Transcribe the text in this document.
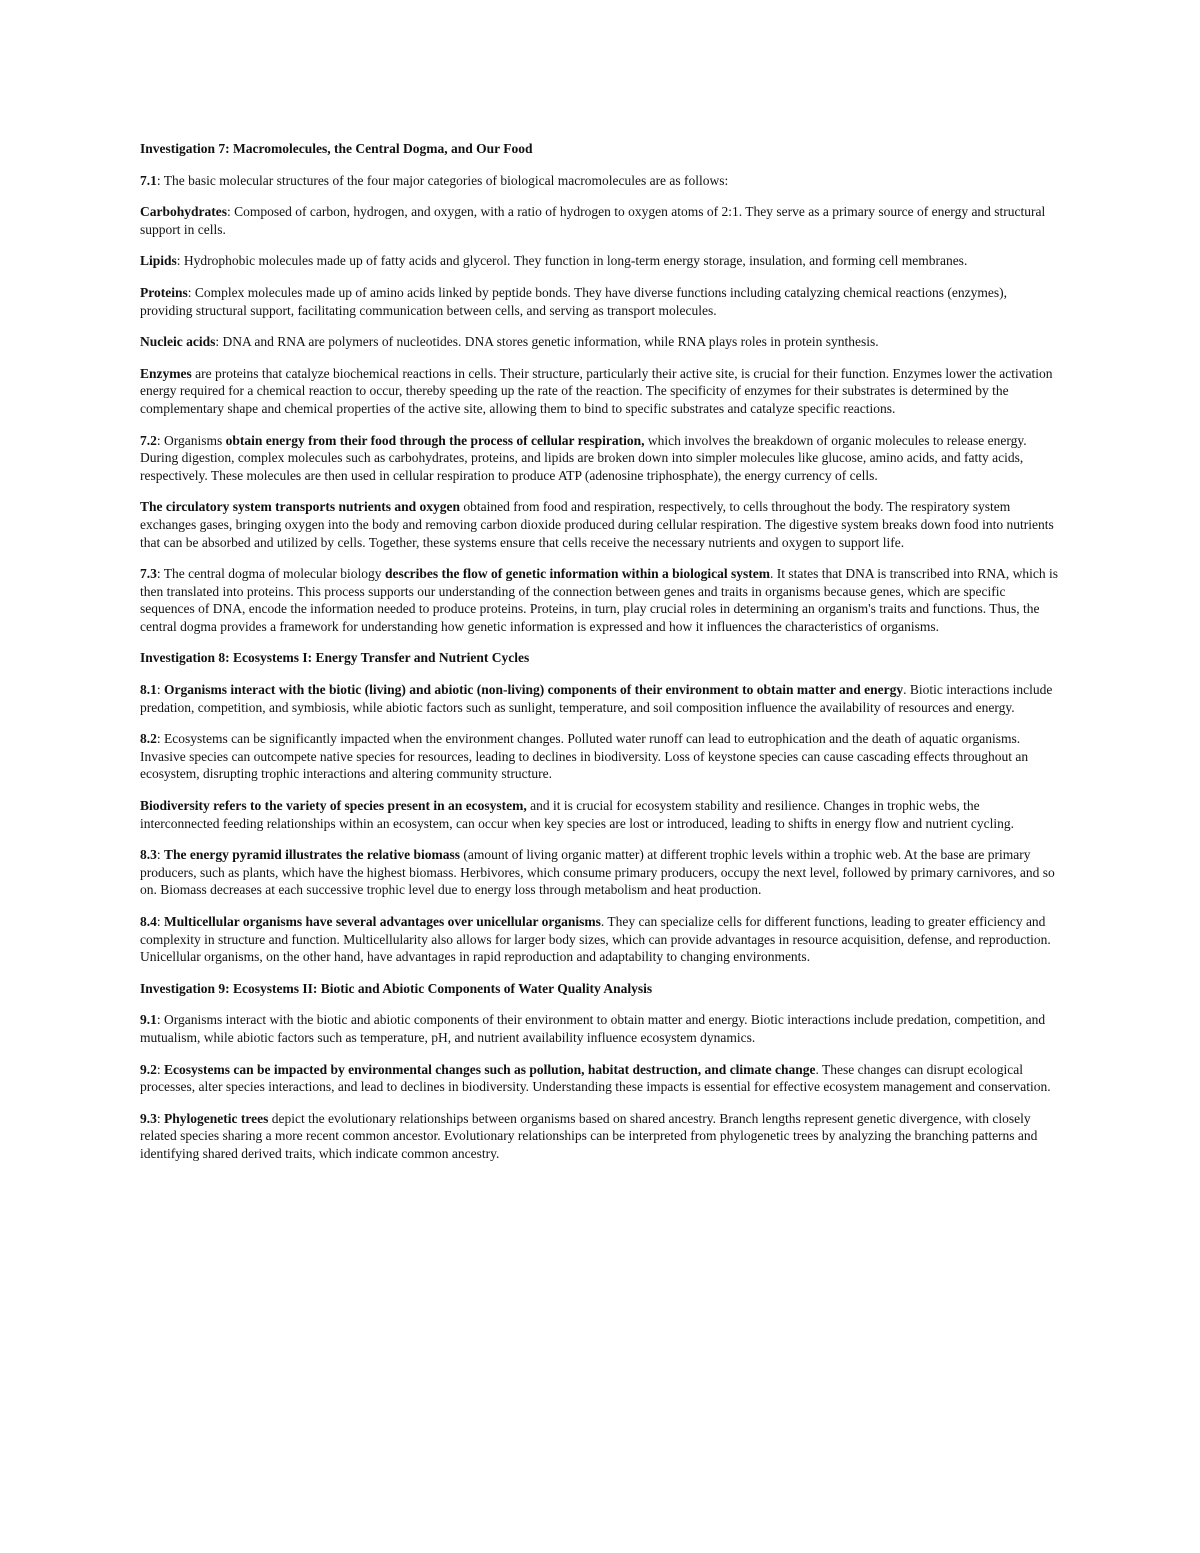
Investigation 7: Macromolecules, the Central Dogma, and Our Food

7.1: The basic molecular structures of the four major categories of biological macromolecules are as follows:

Carbohydrates: Composed of carbon, hydrogen, and oxygen, with a ratio of hydrogen to oxygen atoms of 2:1. They serve as a primary source of energy and structural support in cells.

Lipids: Hydrophobic molecules made up of fatty acids and glycerol. They function in long-term energy storage, insulation, and forming cell membranes.

Proteins: Complex molecules made up of amino acids linked by peptide bonds. They have diverse functions including catalyzing chemical reactions (enzymes), providing structural support, facilitating communication between cells, and serving as transport molecules.

Nucleic acids: DNA and RNA are polymers of nucleotides. DNA stores genetic information, while RNA plays roles in protein synthesis.

Enzymes are proteins that catalyze biochemical reactions in cells. Their structure, particularly their active site, is crucial for their function. Enzymes lower the activation energy required for a chemical reaction to occur, thereby speeding up the rate of the reaction. The specificity of enzymes for their substrates is determined by the complementary shape and chemical properties of the active site, allowing them to bind to specific substrates and catalyze specific reactions.

7.2: Organisms obtain energy from their food through the process of cellular respiration, which involves the breakdown of organic molecules to release energy. During digestion, complex molecules such as carbohydrates, proteins, and lipids are broken down into simpler molecules like glucose, amino acids, and fatty acids, respectively. These molecules are then used in cellular respiration to produce ATP (adenosine triphosphate), the energy currency of cells.

The circulatory system transports nutrients and oxygen obtained from food and respiration, respectively, to cells throughout the body. The respiratory system exchanges gases, bringing oxygen into the body and removing carbon dioxide produced during cellular respiration. The digestive system breaks down food into nutrients that can be absorbed and utilized by cells. Together, these systems ensure that cells receive the necessary nutrients and oxygen to support life.

7.3: The central dogma of molecular biology describes the flow of genetic information within a biological system. It states that DNA is transcribed into RNA, which is then translated into proteins. This process supports our understanding of the connection between genes and traits in organisms because genes, which are specific sequences of DNA, encode the information needed to produce proteins. Proteins, in turn, play crucial roles in determining an organism's traits and functions. Thus, the central dogma provides a framework for understanding how genetic information is expressed and how it influences the characteristics of organisms.

Investigation 8: Ecosystems I: Energy Transfer and Nutrient Cycles

8.1: Organisms interact with the biotic (living) and abiotic (non-living) components of their environment to obtain matter and energy. Biotic interactions include predation, competition, and symbiosis, while abiotic factors such as sunlight, temperature, and soil composition influence the availability of resources and energy.

8.2: Ecosystems can be significantly impacted when the environment changes. Polluted water runoff can lead to eutrophication and the death of aquatic organisms. Invasive species can outcompete native species for resources, leading to declines in biodiversity. Loss of keystone species can cause cascading effects throughout an ecosystem, disrupting trophic interactions and altering community structure.

Biodiversity refers to the variety of species present in an ecosystem, and it is crucial for ecosystem stability and resilience. Changes in trophic webs, the interconnected feeding relationships within an ecosystem, can occur when key species are lost or introduced, leading to shifts in energy flow and nutrient cycling.

8.3: The energy pyramid illustrates the relative biomass (amount of living organic matter) at different trophic levels within a trophic web. At the base are primary producers, such as plants, which have the highest biomass. Herbivores, which consume primary producers, occupy the next level, followed by primary carnivores, and so on. Biomass decreases at each successive trophic level due to energy loss through metabolism and heat production.

8.4: Multicellular organisms have several advantages over unicellular organisms. They can specialize cells for different functions, leading to greater efficiency and complexity in structure and function. Multicellularity also allows for larger body sizes, which can provide advantages in resource acquisition, defense, and reproduction. Unicellular organisms, on the other hand, have advantages in rapid reproduction and adaptability to changing environments.

Investigation 9: Ecosystems II: Biotic and Abiotic Components of Water Quality Analysis

9.1: Organisms interact with the biotic and abiotic components of their environment to obtain matter and energy. Biotic interactions include predation, competition, and mutualism, while abiotic factors such as temperature, pH, and nutrient availability influence ecosystem dynamics.

9.2: Ecosystems can be impacted by environmental changes such as pollution, habitat destruction, and climate change. These changes can disrupt ecological processes, alter species interactions, and lead to declines in biodiversity. Understanding these impacts is essential for effective ecosystem management and conservation.

9.3: Phylogenetic trees depict the evolutionary relationships between organisms based on shared ancestry. Branch lengths represent genetic divergence, with closely related species sharing a more recent common ancestor. Evolutionary relationships can be interpreted from phylogenetic trees by analyzing the branching patterns and identifying shared derived traits, which indicate common ancestry.
